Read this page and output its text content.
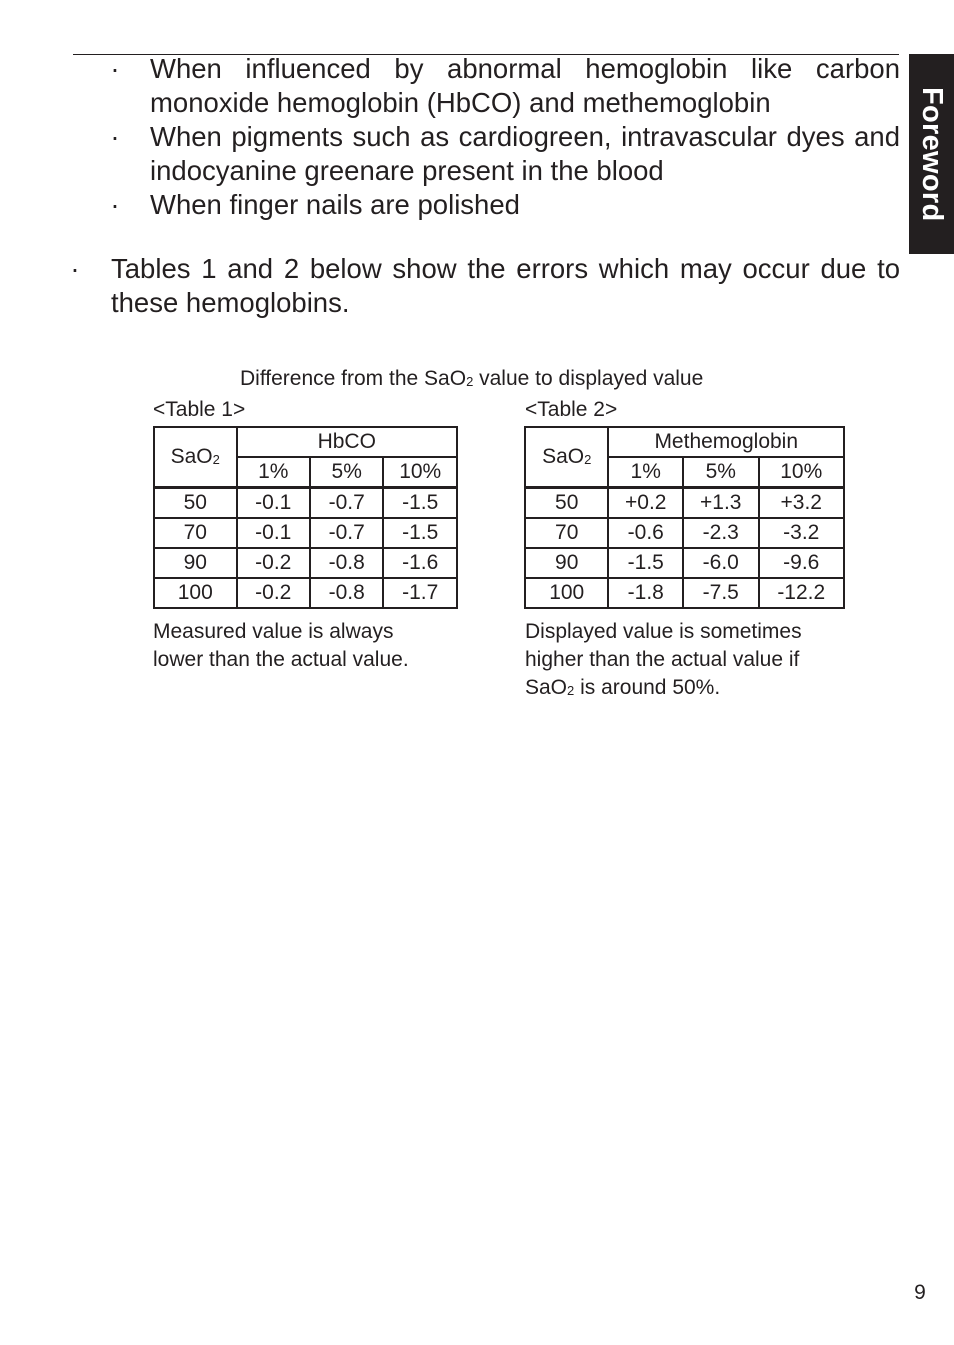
Foreword
· When influenced by abnormal hemoglobin like carbon monoxide hemoglobin (HbCO) and methemoglobin
· When pigments such as cardiogreen, intravascular dyes and indocyanine greenare present in the blood
· When finger nails are polished
· Tables 1 and 2 below show the errors which may occur due to these hemoglobins.
Difference from the SaO$_2$ value to displayed value
<Table 1>	<Table 2>
SaO$_2$	HbCO		
	1%	5%	10%
50	-0.1	-0.7	-1.5
70	-0.1	-0.7	-1.5
90	-0.2	-0.8	-1.6
100	-0.2	-0.8	-1.7
SaO$_2$	Methemoglobin		
	1%	5%	10%
50	+0.2	+1.3	+3.2
70	-0.6	-2.3	-3.2
90	-1.5	-6.0	-9.6
100	-1.8	-7.5	-12.2
Measured value is always
lower than the actual value.
Displayed value is sometimes
higher than the actual value if
SaO$_2$ is around 50%.
9
